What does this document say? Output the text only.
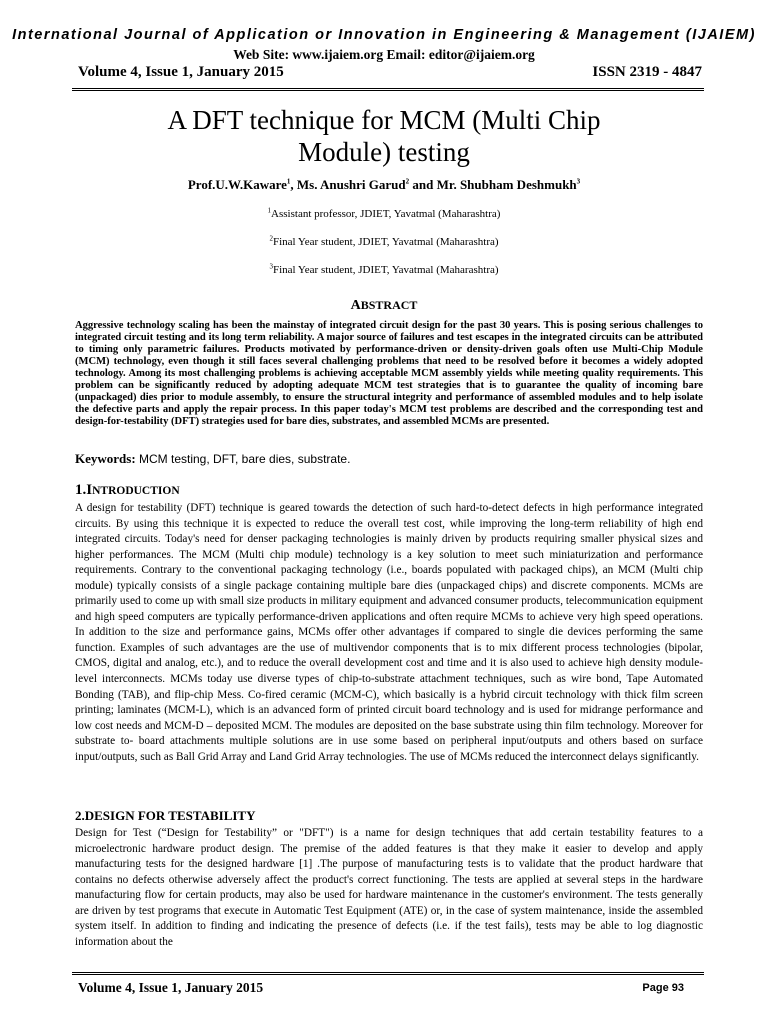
International Journal of Application or Innovation in Engineering & Management (IJAIEM)
Web Site: www.ijaiem.org Email: editor@ijaiem.org
Volume 4, Issue 1, January 2015	ISSN 2319 - 4847
A DFT technique for MCM (Multi Chip
Module) testing
Prof.U.W.Kaware$^1$, Ms. Anushri Garud$^2$ and Mr. Shubham Deshmukh$^3$
$^1$Assistant professor, JDIET, Yavatmal (Maharashtra)
$^2$Final Year student, JDIET, Yavatmal (Maharashtra)
$^3$Final Year student, JDIET, Yavatmal (Maharashtra)
ABSTRACT
Aggressive technology scaling has been the mainstay of integrated circuit design for the past 30 years. This is posing serious challenges to integrated circuit testing and its long term reliability. A major source of failures and test escapes in the integrated circuits can be attributed to timing only parametric failures. Products motivated by performance-driven or density-driven goals often use Multi-Chip Module (MCM) technology, even though it still faces several challenging problems that need to be resolved before it becomes a widely adopted technology. Among its most challenging problems is achieving acceptable MCM assembly yields while meeting quality requirements. This problem can be significantly reduced by adopting adequate MCM test strategies that is to guarantee the quality of incoming bare (unpackaged) dies prior to module assembly, to ensure the structural integrity and performance of assembled modules and to help isolate the defective parts and apply the repair process. In this paper today's MCM test problems are described and the corresponding test and design-for-testability (DFT) strategies used for bare dies, substrates, and assembled MCMs are presented.
Keywords: MCM testing, DFT, bare dies, substrate.
1.INTRODUCTION
A design for testability (DFT) technique is geared towards the detection of such hard-to-detect defects in high performance integrated circuits. By using this technique it is expected to reduce the overall test cost, while improving the long-term reliability of high end integrated circuits. Today's need for denser packaging technologies is mainly driven by products requiring smaller physical sizes and higher performances. The MCM (Multi chip module) technology is a key solution to meet such miniaturization and performance requirements. Contrary to the conventional packaging technology (i.e., boards populated with packaged chips), an MCM (Multi chip module) typically consists of a single package containing multiple bare dies (unpackaged chips) and discrete components. MCMs are primarily used to come up with small size products in military equipment and advanced consumer products, telecommunication equipment and high speed computers are typically performance-driven applications and often require MCMs to achieve very high speed operations. In addition to the size and performance gains, MCMs offer other advantages if compared to single die devices performing the same function. Examples of such advantages are the use of multivendor components that is to mix different process technologies (bipolar, CMOS, digital and analog, etc.), and to reduce the overall development cost and time and it is also used to achieve high density module-level interconnects. MCMs today use diverse types of chip-to-substrate attachment techniques, such as wire bond, Tape Automated Bonding (TAB), and flip-chip Mess. Co-fired ceramic (MCM-C), which basically is a hybrid circuit technology with thick film screen printing; laminates (MCM-L), which is an advanced form of printed circuit board technology and is used for midrange performance and low cost needs and MCM-D – deposited MCM. The modules are deposited on the base substrate using thin film technology. Moreover for substrate to- board attachments multiple solutions are in use some based on peripheral input/outputs and others based on surface input/outputs, such as Ball Grid Array and Land Grid Array technologies. The use of MCMs reduced the interconnect delays significantly.
2.DESIGN FOR TESTABILITY
Design for Test (“Design for Testability” or "DFT") is a name for design techniques that add certain testability features to a microelectronic hardware product design. The premise of the added features is that they make it easier to develop and apply manufacturing tests for the designed hardware [1] .The purpose of manufacturing tests is to validate that the product hardware that contains no defects otherwise adversely affect the product's correct functioning. The tests are applied at several steps in the hardware manufacturing flow for certain products, may also be used for hardware maintenance in the customer's environment. The tests generally are driven by test programs that execute in Automatic Test Equipment (ATE) or, in the case of system maintenance, inside the assembled system itself. In addition to finding and indicating the presence of defects (i.e. if the test fails), tests may be able to log diagnostic information about the
Volume 4, Issue 1, January 2015	Page 93
